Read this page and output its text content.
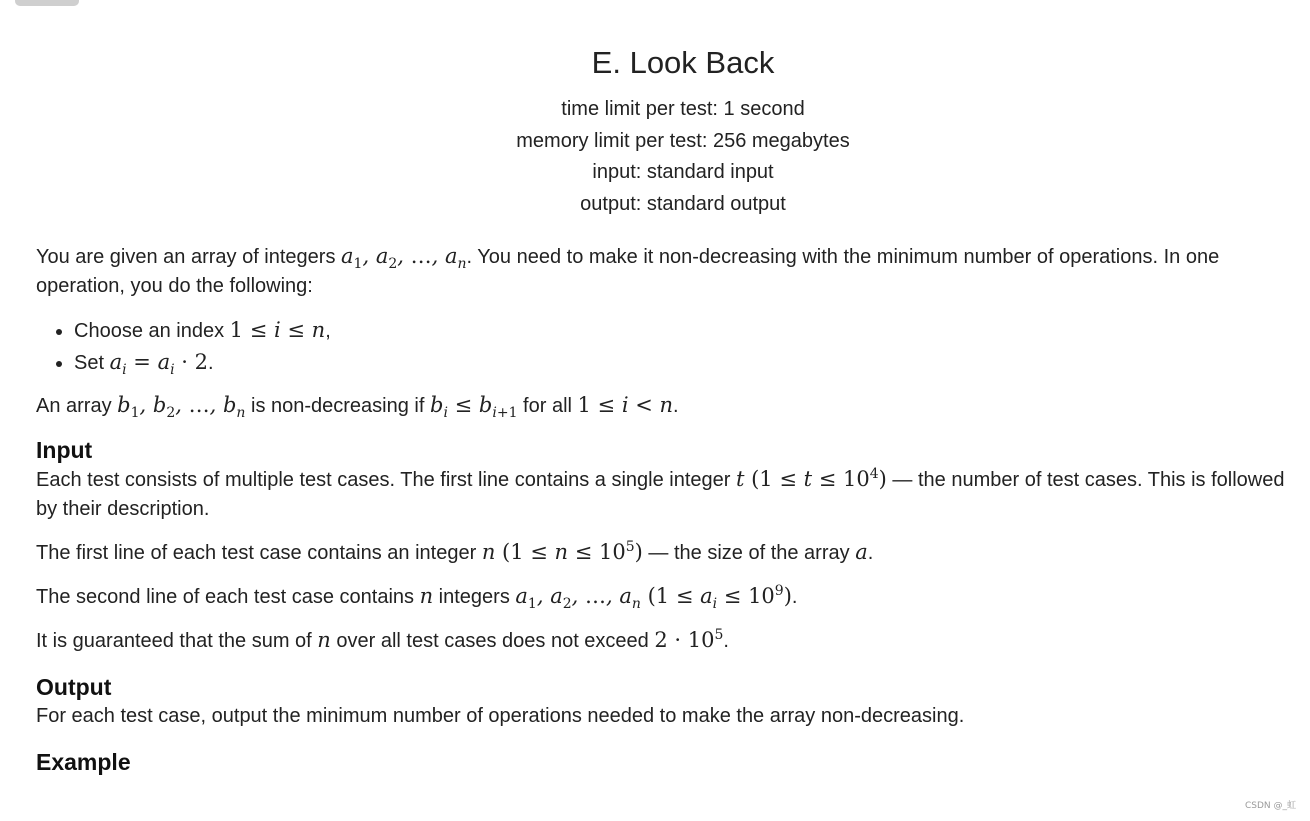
E. Look Back
time limit per test: 1 second
memory limit per test: 256 megabytes
input: standard input
output: standard output
You are given an array of integers $a_1$, $a_2$, …, $a_n$. You need to make it non-decreasing with the minimum number of operations. In one operation, you do the following:
• Choose an index 1 ≤ i ≤ n,
• Set $a_i = a_i \cdot 2$.
An array $b_1$, $b_2$, …, $b_n$ is non-decreasing if $b_i \le b_{i+1}$ for all 1 ≤ i < n.
Input
Each test consists of multiple test cases. The first line contains a single integer t $(1 \le t \le 10^4)$ — the number of test cases. This is followed by their description.
The first line of each test case contains an integer n $(1 \le n \le 10^5)$ — the size of the array a.
The second line of each test case contains n integers $a_1$, $a_2$, …, $a_n$ $(1 \le a_i \le 10^9)$.
It is guaranteed that the sum of n over all test cases does not exceed $2 \cdot 10^5$.
Output
For each test case, output the minimum number of operations needed to make the array non-decreasing.
Example
CSDN @_虹
